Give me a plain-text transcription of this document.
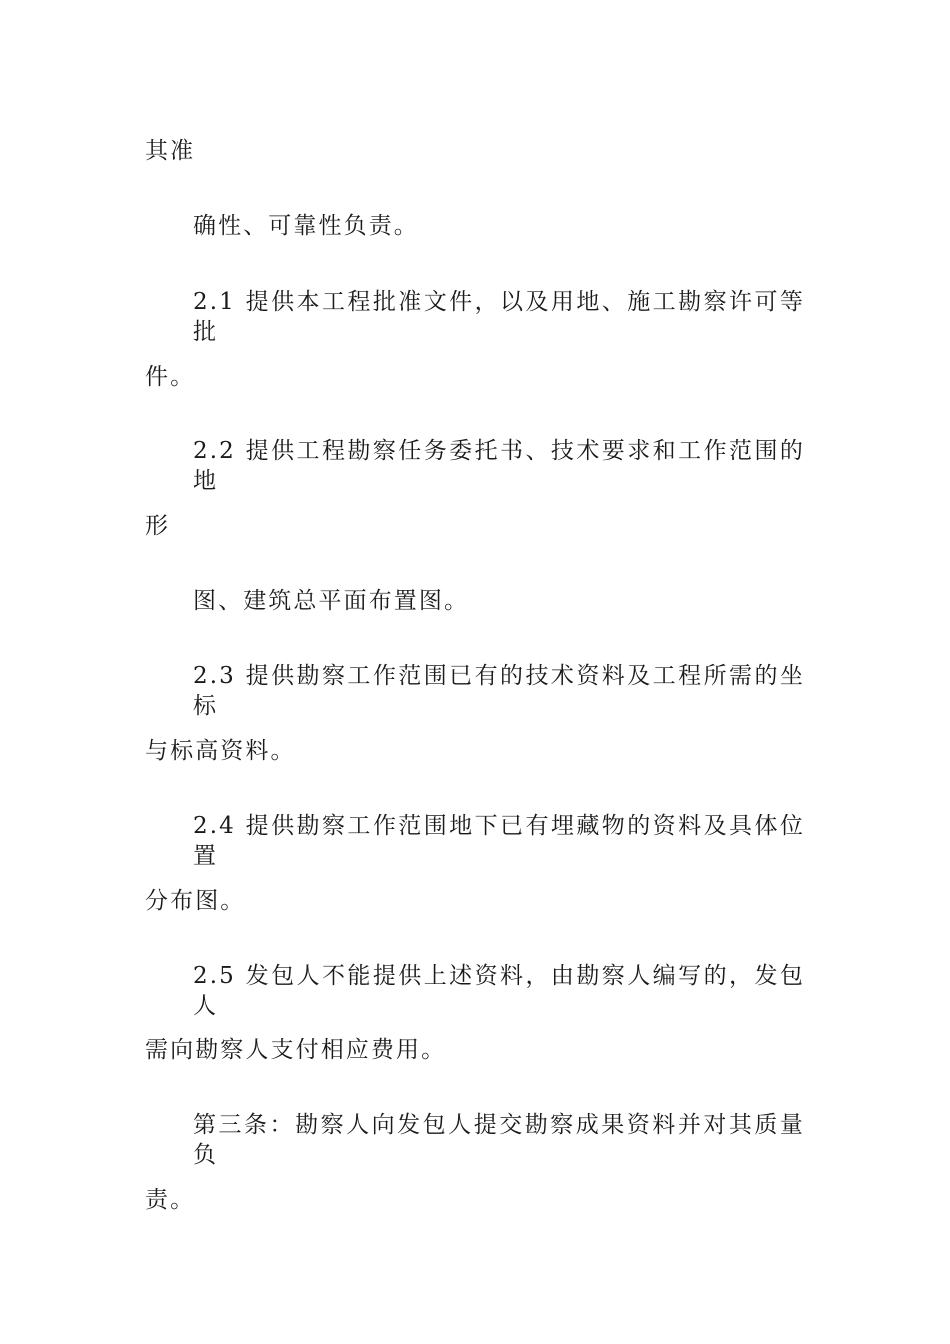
其准
确性、可靠性负责。
2.1 提供本工程批准文件，以及用地、施工勘察许可等批
件。
2.2 提供工程勘察任务委托书、技术要求和工作范围的地
形
图、建筑总平面布置图。
2.3 提供勘察工作范围已有的技术资料及工程所需的坐标
与标高资料。
2.4 提供勘察工作范围地下已有埋藏物的资料及具体位置
分布图。
2.5 发包人不能提供上述资料，由勘察人编写的，发包人
需向勘察人支付相应费用。
第三条：勘察人向发包人提交勘察成果资料并对其质量负
责。
